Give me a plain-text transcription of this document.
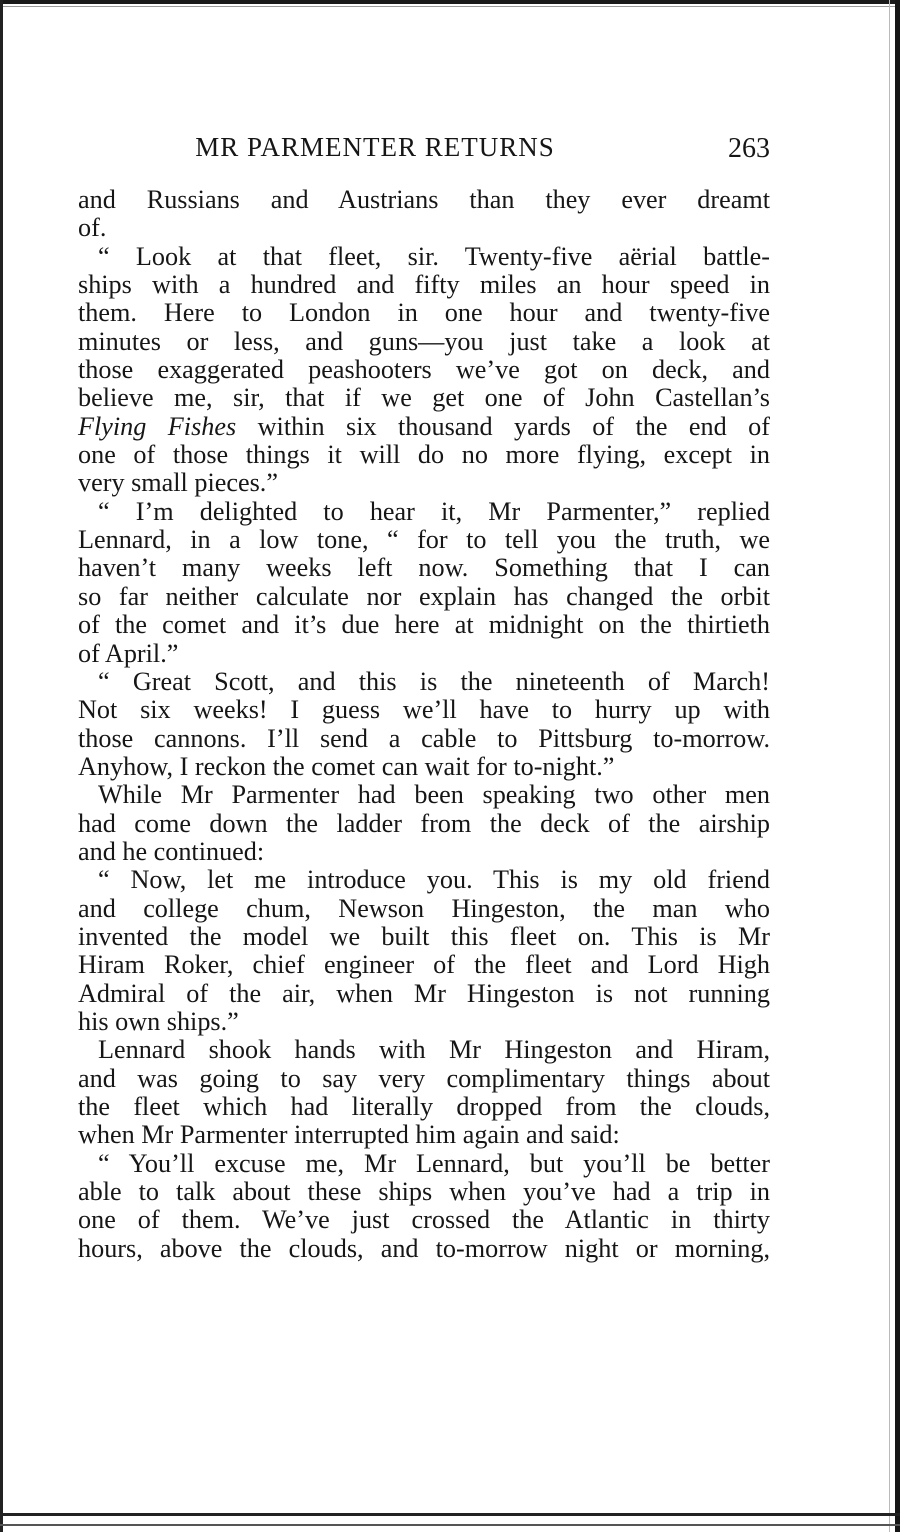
MR PARMENTER RETURNS	263
and Russians and Austrians than they ever dreamt
of.
“ Look at that fleet, sir. Twenty-five aërial battle-
ships with a hundred and fifty miles an hour speed in
them. Here to London in one hour and twenty-five
minutes or less, and guns—you just take a look at
those exaggerated peashooters we’ve got on deck, and
believe me, sir, that if we get one of John Castellan’s
Flying Fishes within six thousand yards of the end of
one of those things it will do no more flying, except in
very small pieces.”
“ I’m delighted to hear it, Mr Parmenter,” replied
Lennard, in a low tone, “ for to tell you the truth, we
haven’t many weeks left now. Something that I can
so far neither calculate nor explain has changed the orbit
of the comet and it’s due here at midnight on the thirtieth
of April.”
“ Great Scott, and this is the nineteenth of March!
Not six weeks! I guess we’ll have to hurry up with
those cannons. I’ll send a cable to Pittsburg to-morrow.
Anyhow, I reckon the comet can wait for to-night.”
While Mr Parmenter had been speaking two other men
had come down the ladder from the deck of the airship
and he continued:
“ Now, let me introduce you. This is my old friend
and college chum, Newson Hingeston, the man who
invented the model we built this fleet on. This is Mr
Hiram Roker, chief engineer of the fleet and Lord High
Admiral of the air, when Mr Hingeston is not running
his own ships.”
Lennard shook hands with Mr Hingeston and Hiram,
and was going to say very complimentary things about
the fleet which had literally dropped from the clouds,
when Mr Parmenter interrupted him again and said:
“ You’ll excuse me, Mr Lennard, but you’ll be better
able to talk about these ships when you’ve had a trip in
one of them. We’ve just crossed the Atlantic in thirty
hours, above the clouds, and to-morrow night or morning,
